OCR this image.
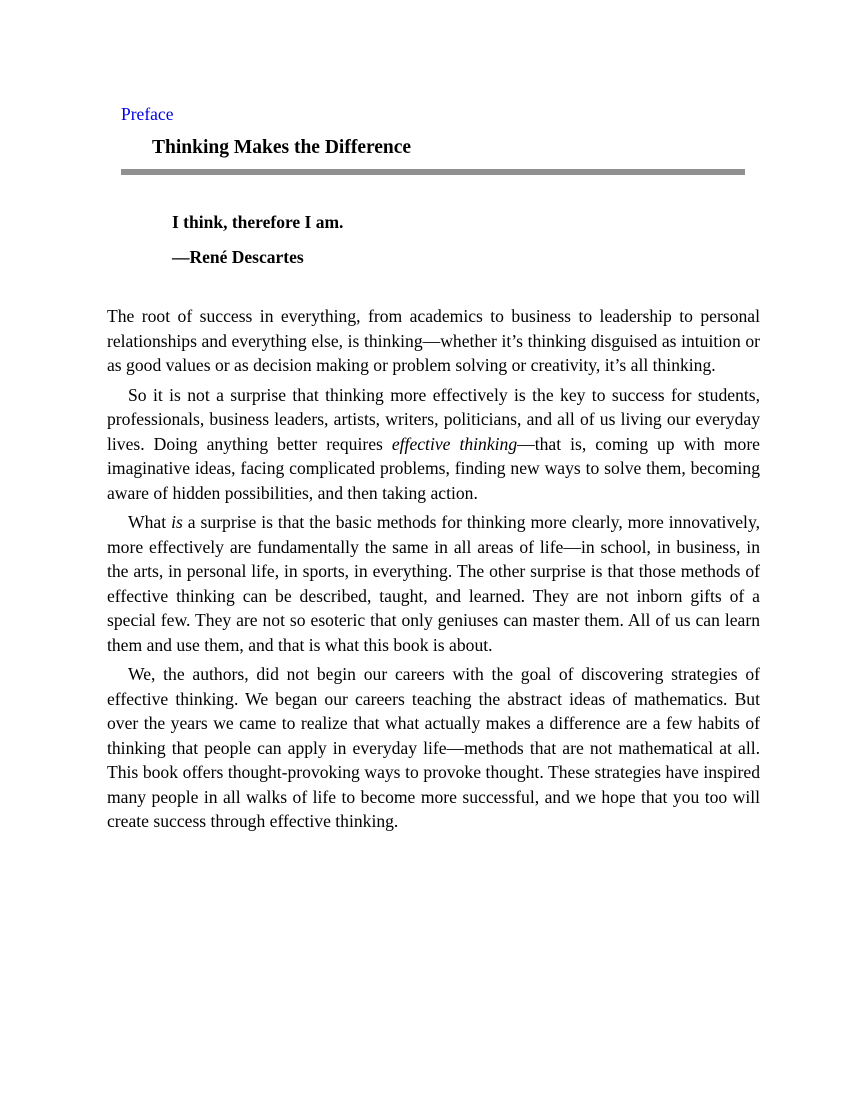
Preface
Thinking Makes the Difference

I think, therefore I am.

—René Descartes

The root of success in everything, from academics to business to leadership to personal relationships and everything else, is thinking—whether it’s thinking disguised as intuition or as good values or as decision making or problem solving or creativity, it’s all thinking.

So it is not a surprise that thinking more effectively is the key to success for students, professionals, business leaders, artists, writers, politicians, and all of us living our everyday lives. Doing anything better requires effective thinking—that is, coming up with more imaginative ideas, facing complicated problems, finding new ways to solve them, becoming aware of hidden possibilities, and then taking action.

What is a surprise is that the basic methods for thinking more clearly, more innovatively, more effectively are fundamentally the same in all areas of life—in school, in business, in the arts, in personal life, in sports, in everything. The other surprise is that those methods of effective thinking can be described, taught, and learned. They are not inborn gifts of a special few. They are not so esoteric that only geniuses can master them. All of us can learn them and use them, and that is what this book is about.

We, the authors, did not begin our careers with the goal of discovering strategies of effective thinking. We began our careers teaching the abstract ideas of mathematics. But over the years we came to realize that what actually makes a difference are a few habits of thinking that people can apply in everyday life—methods that are not mathematical at all. This book offers thought-provoking ways to provoke thought. These strategies have inspired many people in all walks of life to become more successful, and we hope that you too will create success through effective thinking.
